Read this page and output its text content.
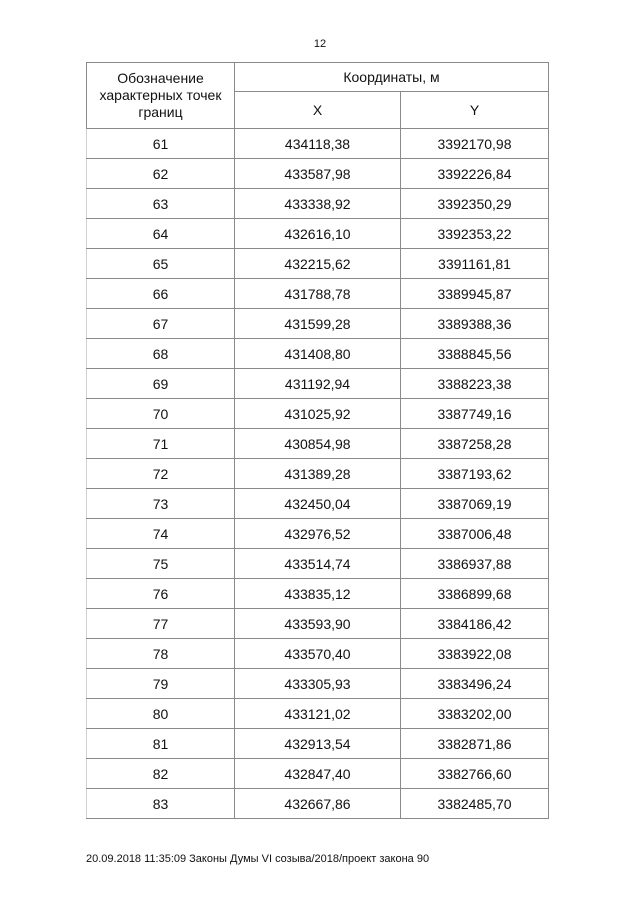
12
Обозначение характерных точек границ	Координаты, м	
	X	Y
61	434118,38	3392170,98
62	433587,98	3392226,84
63	433338,92	3392350,29
64	432616,10	3392353,22
65	432215,62	3391161,81
66	431788,78	3389945,87
67	431599,28	3389388,36
68	431408,80	3388845,56
69	431192,94	3388223,38
70	431025,92	3387749,16
71	430854,98	3387258,28
72	431389,28	3387193,62
73	432450,04	3387069,19
74	432976,52	3387006,48
75	433514,74	3386937,88
76	433835,12	3386899,68
77	433593,90	3384186,42
78	433570,40	3383922,08
79	433305,93	3383496,24
80	433121,02	3383202,00
81	432913,54	3382871,86
82	432847,40	3382766,60
83	432667,86	3382485,70
20.09.2018 11:35:09 Законы Думы VI созыва/2018/проект закона 90
